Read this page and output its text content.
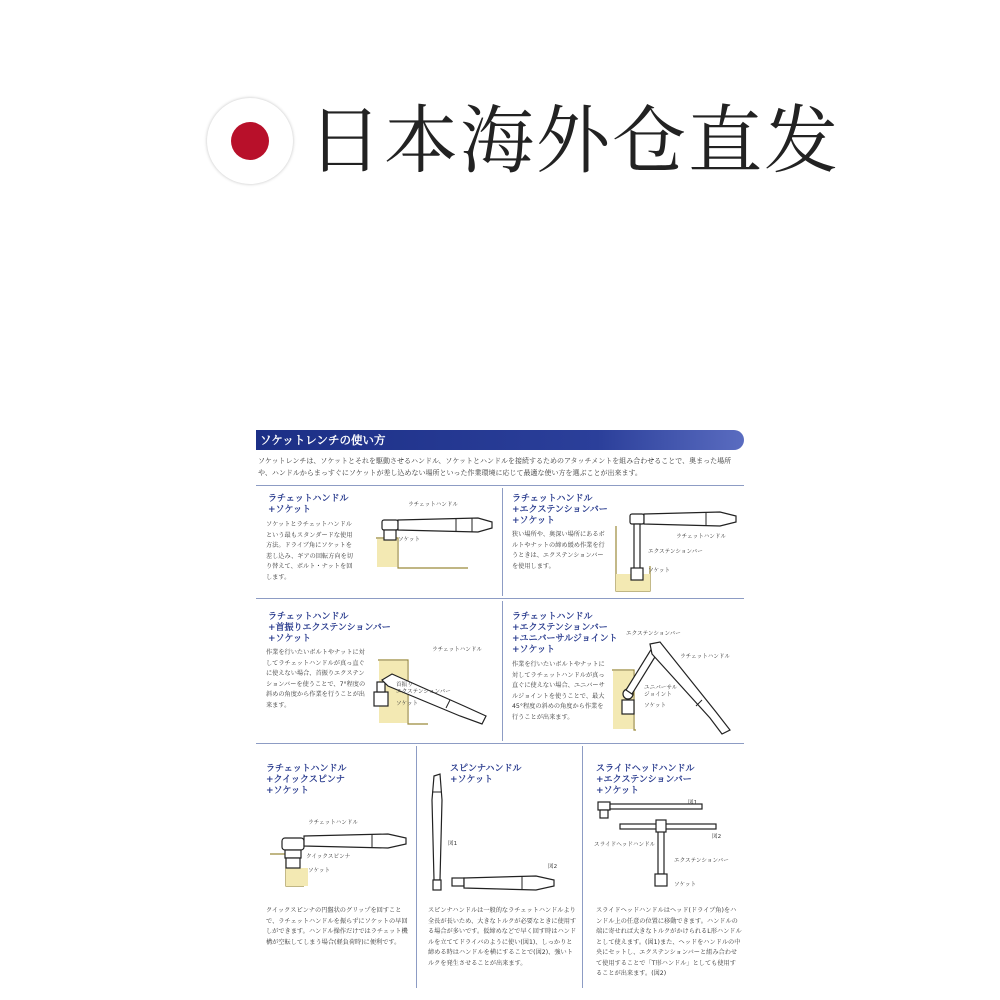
日本海外仓直发
ソケットレンチの使い方
ソケットレンチは、ソケットとそれを駆動させるハンドル、ソケットとハンドルを接続するためのアタッチメントを組み合わせることで、奥まった場所や、ハンドルからまっすぐにソケットが差し込めない場所といった作業環境に応じて最適な使い方を選ぶことが出来ます。
ラチェットハンドル
+ソケット
ソケットとラチェットハンドルという最もスタンダードな使用方法。ドライブ角にソケットを差し込み、ギアの回転方向を切り替えて、ボルト・ナットを回します。
ラチェットハンドル
ソケット
ラチェットハンドル
+エクステンションバー
+ソケット
狭い場所や、奥深い場所にあるボルトやナットの締め緩め作業を行うときは、エクステンションバーを使用します。
ラチェットハンドル
エクステンションバー
ソケット
ラチェットハンドル
+首振りエクステンションバー
+ソケット
作業を行いたいボルトやナットに対してラチェットハンドルが真っ直ぐに使えない場合、首振りエクステンションバーを使うことで、7°程度の斜めの角度から作業を行うことが出来ます。
ラチェットハンドル
首振り
エクステンションバー
ソケット
ラチェットハンドル
+エクステンションバー
+ユニバーサルジョイント
+ソケット
作業を行いたいボルトやナットに対してラチェットハンドルが真っ直ぐに使えない場合、ユニバーサルジョイントを使うことで、最大45°程度の斜めの角度から作業を行うことが出来ます。
エクステンションバー
ラチェットハンドル
ユニバーサル
ジョイント
ソケット
ラチェットハンドル
+クイックスピンナ
+ソケット
ラチェットハンドル
クイックスピンナ
ソケット
クイックスピンナの円盤状のグリップを回すことで、ラチェットハンドルを振らずにソケットの早回しができます。ハンドル操作だけではラチェット機構が空転してしまう場合(軽負荷時)に便利です。
スピンナハンドル
+ソケット
図1
図2
スピンナハンドルは一般的なラチェットハンドルより全長が長いため、大きなトルクが必要なときに使用する場合が多いです。仮締めなどで早く回す時はハンドルを立ててドライバのように使い(図1)、しっかりと締める時はハンドルを横にすることで(図2)、強いトルクを発生させることが出来ます。
スライドヘッドハンドル
+エクステンションバー
+ソケット
図1
図2
スライドヘッドハンドル
エクステンションバー
ソケット
スライドヘッドハンドルはヘッド(ドライブ角)をハンドル上の任意の位置に移動できます。ハンドルの端に寄せれば大きなトルクがかけられるL形ハンドルとして使えます。(図1)また、ヘッドをハンドルの中央にセットし、エクステンションバーと組み合わせて使用することで「T形ハンドル」としても使用することが出来ます。(図2)
